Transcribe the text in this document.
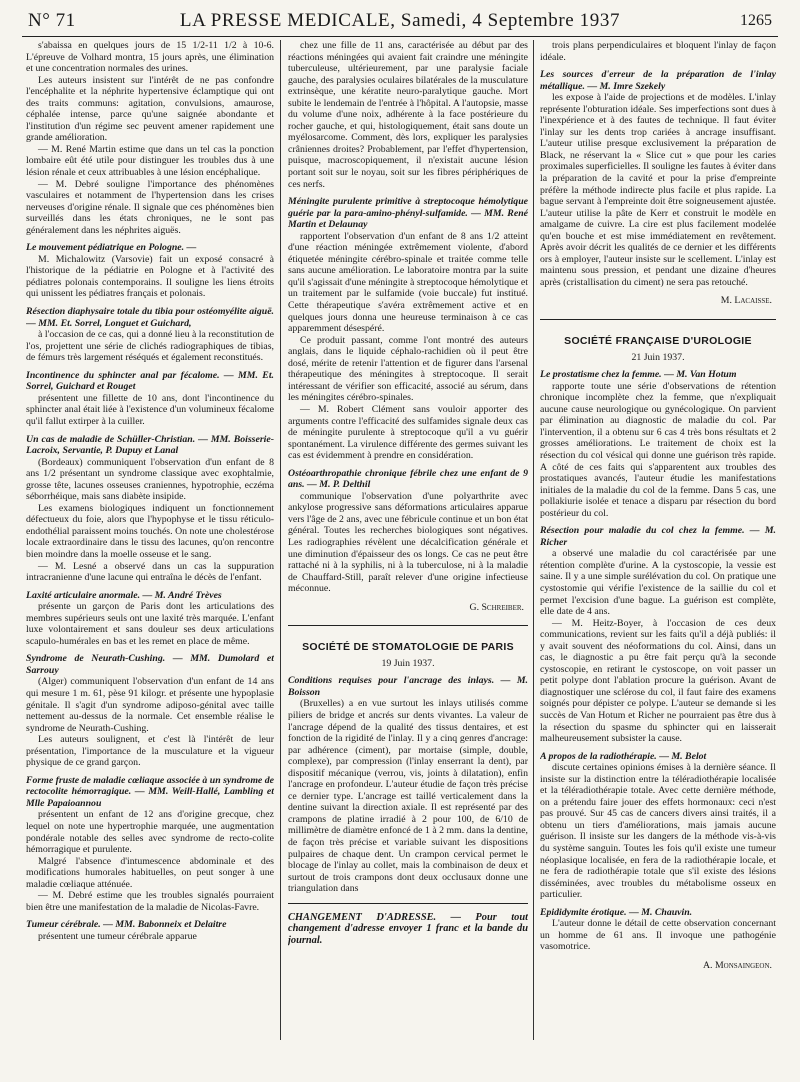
N° 71	LA PRESSE MEDICALE, Samedi, 4 Septembre 1937	1265

s'abaissa en quelques jours de 15 1/2-11 1/2 à 10-6. L'épreuve de Volhard montra, 15 jours après, une élimination et une concentration normales des urines.

Les auteurs insistent sur l'intérêt de ne pas confondre l'encéphalite et la néphrite hypertensive éclamptique qui ont des traits communs: agitation, convulsions, amaurose, céphalée intense, parce qu'une saignée abondante et l'institution d'un régime sec peuvent amener rapidement une grande amélioration.

— M. René Martin estime que dans un tel cas la ponction lombaire eût été utile pour distinguer les troubles dus à une lésion rénale et ceux attribuables à une lésion encéphalique.

— M. Debré souligne l'importance des phénomènes vasculaires et notamment de l'hypertension dans les crises nerveuses d'origine rénale. Il signale que ces phénomènes bien surveillés dans les états chroniques, ne le sont pas généralement dans les néphrites aiguës.

Le mouvement pédiatrique en Pologne. —

M. Michalowitz (Varsovie) fait un exposé consacré à l'historique de la pédiatrie en Pologne et à l'activité des pédiatres polonais contemporains. Il souligne les liens étroits qui unissent les pédiatres français et polonais.

Résection diaphysaire totale du tibia pour ostéomyélite aiguë. — MM. Et. Sorrel, Longuet et Guichard,

à l'occasion de ce cas, qui a donné lieu à la reconstitution de l'os, projettent une série de clichés radiographiques de tibias, de fémurs très largement réséqués et également reconstitués.

Incontinence du sphincter anal par fécalome. — MM. Et. Sorrel, Guichard et Rouget

présentent une fillette de 10 ans, dont l'incontinence du sphincter anal était liée à l'existence d'un volumineux fécalome qu'il fallut extirper à la cuiller.

Un cas de maladie de Schüller-Christian. — MM. Boisserie-Lacroix, Servantie, P. Dupuy et Lanal

(Bordeaux) communiquent l'observation d'un enfant de 8 ans 1/2 présentant un syndrome classique avec exophtalmie, grosse tête, lacunes osseuses craniennes, hypotrophie, eczéma séborrhéique, mais sans diabète insipide.

Les examens biologiques indiquent un fonctionnement défectueux du foie, alors que l'hypophyse et le tissu réticulo-endothélial paraissent moins touchés. On note une cholestérose locale extraordinaire dans le tissu des lacunes, qu'on rencontre bien moindre dans la moelle osseuse et le sang.

— M. Lesné a observé dans un cas la suppuration intracranienne d'une lacune qui entraîna le décès de l'enfant.

Laxité articulaire anormale. — M. André Trèves

présente un garçon de Paris dont les articulations des membres supérieurs seuls ont une laxité très marquée. L'enfant luxe volontairement et sans douleur ses deux articulations scapulo-humérales en bas et les remet en place de même.

Syndrome de Neurath-Cushing. — MM. Dumolard et Sarrouy

(Alger) communiquent l'observation d'un enfant de 14 ans qui mesure 1 m. 61, pèse 91 kilogr. et présente une hypoplasie génitale. Il s'agit d'un syndrome adiposo-génital avec taille nettement au-dessus de la normale. Cet ensemble réalise le syndrome de Neurath-Cushing.

Les auteurs soulignent, et c'est là l'intérêt de leur présentation, l'importance de la musculature et la vigueur physique de ce grand garçon.

Forme fruste de maladie cœliaque associée à un syndrome de rectocolite hémorragique. — MM. Weill-Hallé, Lambling et Mlle Papaioannou

présentent un enfant de 12 ans d'origine grecque, chez lequel on note une hypertrophie marquée, une augmentation pondérale notable des selles avec syndrome de recto-colite hémorragique et purulente.

Malgré l'absence d'intumescence abdominale et des modifications humorales habituelles, on peut songer à une maladie cœliaque atténuée.

— M. Debré estime que les troubles signalés pourraient bien être une manifestation de la maladie de Nicolas-Favre.

Tumeur cérébrale. — MM. Babonneix et Delaitre

présentent une tumeur cérébrale apparue

chez une fille de 11 ans, caractérisée au début par des réactions méningées qui avaient fait craindre une méningite tuberculeuse, ultérieurement, par une paralysie faciale gauche, des paralysies oculaires bilatérales de la musculature extrinsèque, une kératite neuro-paralytique gauche. Mort subite le lendemain de l'entrée à l'hôpital. A l'autopsie, masse du volume d'une noix, adhérente à la face postérieure du rocher gauche, et qui, histologiquement, était sans doute un myélosarcome. Comment, dès lors, expliquer les paralysies crâniennes droites? Probablement, par l'effet d'hypertension, puisque, macroscopiquement, il n'existait aucune lésion portant soit sur le noyau, soit sur les fibres périphériques de ces nerfs.

Méningite purulente primitive à streptocoque hémolytique guérie par la para-amino-phényl-sulfamide. — MM. René Martin et Delaunay

rapportent l'observation d'un enfant de 8 ans 1/2 atteint d'une réaction méningée extrêmement violente, d'abord étiquetée méningite cérébro-spinale et traitée comme telle sans aucune amélioration. Le laboratoire montra par la suite qu'il s'agissait d'une méningite à streptocoque hémolytique et un traitement par le sulfamide (voie buccale) fut institué. Cette thérapeutique s'avéra extrêmement active et en quelques jours donna une heureuse terminaison à ce cas apparemment désespéré.

Ce produit passant, comme l'ont montré des auteurs anglais, dans le liquide céphalo-rachidien où il peut être dosé, mérite de retenir l'attention et de figurer dans l'arsenal thérapeutique des méningites à streptocoque. Il serait intéressant de vérifier son efficacité, associé au sérum, dans les méningites cérébro-spinales.

— M. Robert Clément sans vouloir apporter des arguments contre l'efficacité des sulfamides signale deux cas de méningite purulente à streptocoque qu'il a vu guérir spontanément. La virulence différente des germes suivant les cas est évidemment à prendre en considération.

Ostéoarthropathie chronique fébrile chez une enfant de 9 ans. — M. P. Delthil

communique l'observation d'une polyarthrite avec ankylose progressive sans déformations articulaires apparue vers l'âge de 2 ans, avec une fébricule continue et un bon état général. Toutes les recherches biologiques sont négatives. Les radiographies révèlent une décalcification générale et une diminution d'épaisseur des os longs. Ce cas ne peut être rattaché ni à la syphilis, ni à la tuberculose, ni à la maladie de Chauffard-Still, paraît relever d'une origine infectieuse méconnue.

G. Schreiber.

SOCIÉTÉ DE STOMATOLOGIE DE PARIS

19 Juin 1937.

Conditions requises pour l'ancrage des inlays. — M. Boisson

(Bruxelles) a en vue surtout les inlays utilisés comme piliers de bridge et ancrés sur dents vivantes. La valeur de l'ancrage dépend de la qualité des tissus dentaires, et est fonction de la rigidité de l'inlay. Il y a cinq genres d'ancrage: par adhérence (ciment), par mortaise (simple, double, complexe), par compression (l'inlay enserrant la dent), par dispositif mécanique (verrou, vis, joints à dilatation), enfin l'ancrage en profondeur. L'auteur étudie de façon très précise ce dernier type. L'ancrage est taillé verticalement dans la dentine suivant la direction axiale. Il est représenté par des crampons de platine irradié à 2 pour 100, de 6/10 de millimètre de diamètre enfoncé de 1 à 2 mm. dans la dentine, de façon très précise et variable suivant les dispositions pulpaires de chaque dent. Un crampon cervical permet le blocage de l'inlay au collet, mais la combinaison de deux et surtout de trois crampons dont deux occlusaux donne une triangulation dans

CHANGEMENT D'ADRESSE. — Pour tout changement d'adresse envoyer 1 franc et la bande du journal.

trois plans perpendiculaires et bloquent l'inlay de façon idéale.

Les sources d'erreur de la préparation de l'inlay métallique. — M. Imre Szekely

les expose à l'aide de projections et de modèles. L'inlay représente l'obturation idéale. Ses imperfections sont dues à l'inexpérience et à des fautes de technique. Il faut éviter l'inlay sur les dents trop cariées à ancrage insuffisant. L'auteur utilise presque exclusivement la préparation de Black, ne réservant la « Slice cut » que pour les caries proximales superficielles. Il souligne les fautes à éviter dans la préparation de la cavité et pour la prise d'empreinte préfère la méthode indirecte plus facile et plus rapide. La bague servant à l'empreinte doit être soigneusement ajustée. L'auteur utilise la pâte de Kerr et construit le modèle en amalgame de cuivre. La cire est plus facilement modelée qu'en bouche et est mise immédiatement en revêtement. Après avoir décrit les qualités de ce dernier et les différents ors à employer, l'auteur insiste sur le scellement. L'inlay est maintenu sous pression, et pendant une dizaine d'heures après (cristallisation du ciment) ne sera pas retouché.

M. Lacaisse.

SOCIÉTÉ FRANÇAISE D'UROLOGIE

21 Juin 1937.

Le prostatisme chez la femme. — M. Van Hotum

rapporte toute une série d'observations de rétention chronique incomplète chez la femme, que n'expliquait aucune cause neurologique ou gynécologique. On parvient par élimination au diagnostic de maladie du col. Par l'intervention, il a obtenu sur 6 cas 4 très bons résultats et 2 grosses améliorations. Le traitement de choix est la résection du col vésical qui donne une guérison très rapide. A côté de ces faits qui s'apparentent aux troubles des prostatiques avancés, l'auteur étudie les manifestations initiales de la maladie du col de la femme. Dans 5 cas, une pollakiurie isolée et tenace a disparu par résection du bord postérieur du col.

Résection pour maladie du col chez la femme. — M. Richer

a observé une maladie du col caractérisée par une rétention complète d'urine. A la cystoscopie, la vessie est saine. Il y a une simple surélévation du col. On pratique une cystostomie qui vérifie l'existence de la saillie du col et permet l'excision d'une bague. La guérison est complète, elle date de 4 ans.

— M. Heitz-Boyer, à l'occasion de ces deux communications, revient sur les faits qu'il a déjà publiés: il y avait souvent des néoformations du col. Ainsi, dans un cas, le diagnostic a pu être fait perçu qu'à la seconde cystoscopie, en retirant le cystoscope, on voit passer un petit polype dont l'ablation procure la guérison. Avant de diagnostiquer une sclérose du col, il faut faire des examens soignés pour dépister ce polype. L'auteur se demande si les succès de Van Hotum et Richer ne pourraient pas être dus à la résection du spasme du sphincter qui en laisserait malheureusement subsister la cause.

A propos de la radiothérapie. — M. Belot

discute certaines opinions émises à la dernière séance. Il insiste sur la distinction entre la téléradiothérapie localisée et la téléradiothérapie totale. Avec cette dernière méthode, on a prétendu faire jouer des effets hormonaux: ceci n'est pas prouvé. Sur 45 cas de cancers divers ainsi traités, il a obtenu un tiers d'améliorations, mais jamais aucune guérison. Il insiste sur les dangers de la méthode vis-à-vis du système sanguin. Toutes les fois qu'il existe une tumeur néoplasique localisée, en fera de la radiothérapie locale, et ne fera de radiothérapie totale que s'il existe des lésions disséminées, avec troubles du métabolisme osseux en particulier.

Epididymite érotique. — M. Chauvin.

L'auteur donne le détail de cette observation concernant un homme de 61 ans. Il invoque une pathogénie vasomotrice.

A. Monsaingeon.
